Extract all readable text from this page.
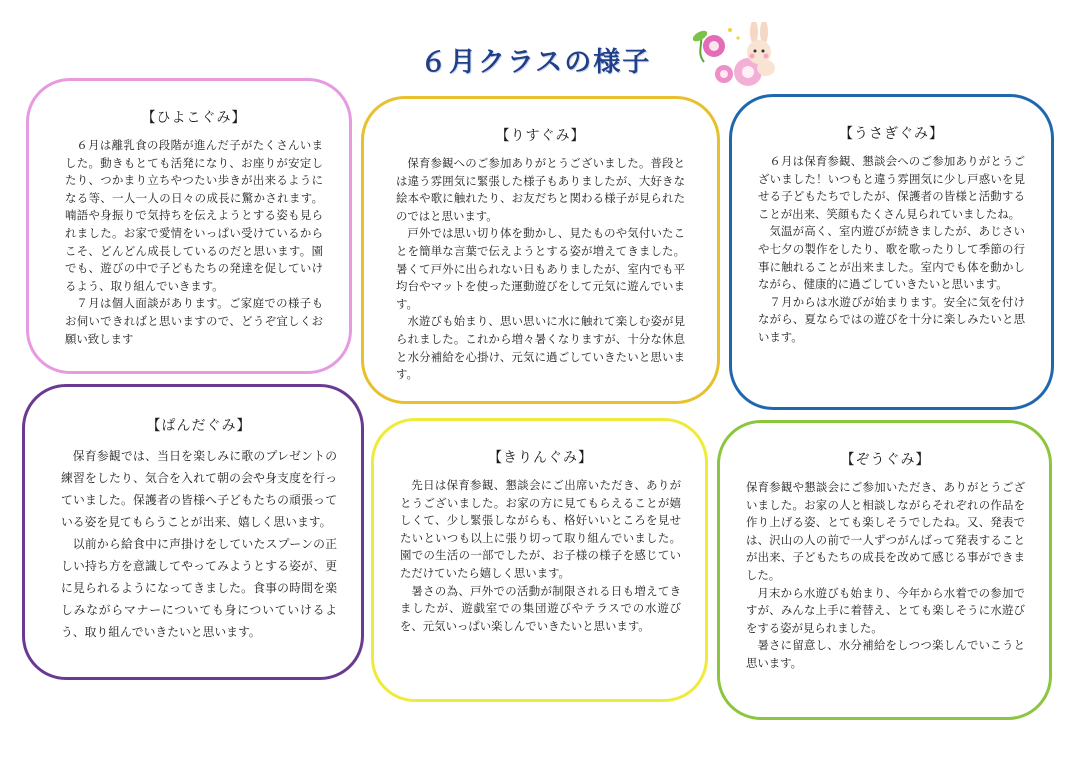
６月クラスの様子
【ひよこぐみ】

６月は離乳食の段階が進んだ子がたくさんいました。動きもとても活発になり、お座りが安定したり、つかまり立ちやつたい歩きが出来るようになる等、一人一人の日々の成長に驚かされます。喃語や身振りで気持ちを伝えようとする姿も見られました。お家で愛情をいっぱい受けているからこそ、どんどん成長しているのだと思います。園でも、遊びの中で子どもたちの発達を促していけるよう、取り組んでいきます。

７月は個人面談があります。ご家庭での様子もお伺いできればと思いますので、どうぞ宜しくお願い致します

【りすぐみ】

保育参観へのご参加ありがとうございました。普段とは違う雰囲気に緊張した様子もありましたが、大好きな絵本や歌に触れたり、お友だちと関わる様子が見られたのではと思います。

戸外では思い切り体を動かし、見たものや気付いたことを簡単な言葉で伝えようとする姿が増えてきました。暑くて戸外に出られない日もありましたが、室内でも平均台やマットを使った運動遊びをして元気に遊んでいます。

水遊びも始まり、思い思いに水に触れて楽しむ姿が見られました。これから増々暑くなりますが、十分な休息と水分補給を心掛け、元気に過ごしていきたいと思います。

【うさぎぐみ】

６月は保育参観、懇談会へのご参加ありがとうございました！いつもと違う雰囲気に少し戸惑いを見せる子どもたちでしたが、保護者の皆様と活動することが出来、笑顔もたくさん見られていましたね。

気温が高く、室内遊びが続きましたが、あじさいや七夕の製作をしたり、歌を歌ったりして季節の行事に触れることが出来ました。室内でも体を動かしながら、健康的に過ごしていきたいと思います。

７月からは水遊びが始まります。安全に気を付けながら、夏ならではの遊びを十分に楽しみたいと思います。

【ぱんだぐみ】

保育参観では、当日を楽しみに歌のプレゼントの練習をしたり、気合を入れて朝の会や身支度を行っていました。保護者の皆様へ子どもたちの頑張っている姿を見てもらうことが出来、嬉しく思います。

以前から給食中に声掛けをしていたスプーンの正しい持ち方を意識してやってみようとする姿が、更に見られるようになってきました。食事の時間を楽しみながらマナーについても身についていけるよう、取り組んでいきたいと思います。

【きりんぐみ】

先日は保育参観、懇談会にご出席いただき、ありがとうございました。お家の方に見てもらえることが嬉しくて、少し緊張しながらも、格好いいところを見せたいといつも以上に張り切って取り組んでいました。園での生活の一部でしたが、お子様の様子を感じていただけていたら嬉しく思います。

暑さの為、戸外での活動が制限される日も増えてきましたが、遊戯室での集団遊びやテラスでの水遊びを、元気いっぱい楽しんでいきたいと思います。

【ぞうぐみ】

保育参観や懇談会にご参加いただき、ありがとうございました。お家の人と相談しながらそれぞれの作品を作り上げる姿、とても楽しそうでしたね。又、発表では、沢山の人の前で一人ずつがんばって発表することが出来、子どもたちの成長を改めて感じる事ができました。

月末から水遊びも始まり、今年から水着での参加ですが、みんな上手に着替え、とても楽しそうに水遊びをする姿が見られました。

暑さに留意し、水分補給をしつつ楽しんでいこうと思います。
